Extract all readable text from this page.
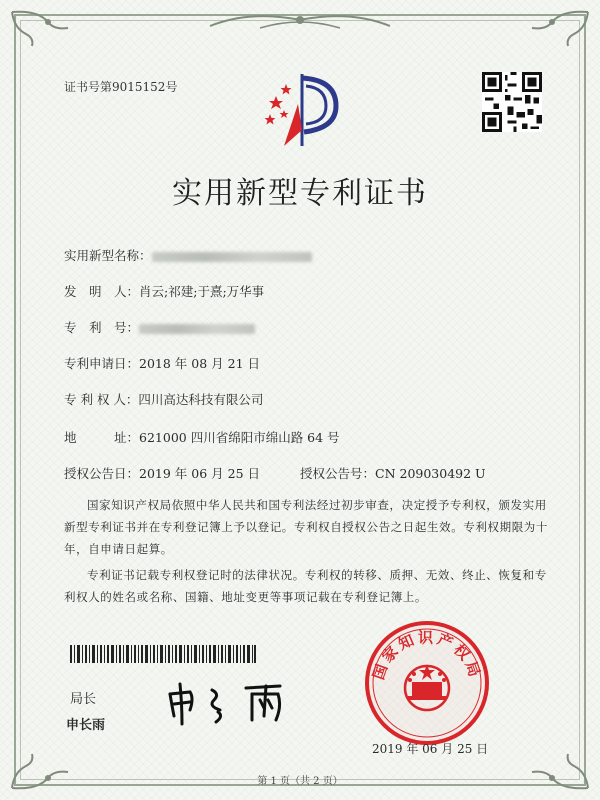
证书号第9015152号
实用新型专利证书
实用新型名称：
发　明　人：肖云;祁建;于熹;万华事
专　利　号：
专利申请日：2018 年 08 月 21 日
专 利 权 人：四川高达科技有限公司
地　　　址：621000 四川省绵阳市绵山路 64 号
授权公告日：2019 年 06 月 25 日	授权公告号：CN 209030492 U
国家知识产权局依照中华人民共和国专利法经过初步审查，决定授予专利权，颁发实用新型专利证书并在专利登记簿上予以登记。专利权自授权公告之日起生效。专利权期限为十年，自申请日起算。
专利证书记载专利权登记时的法律状况。专利权的转移、质押、无效、终止、恢复和专利权人的姓名或名称、国籍、地址变更等事项记载在专利登记簿上。
局长
申长雨
国家知识产权局
2019 年 06 月 25 日
第 1 页（共 2 页）
